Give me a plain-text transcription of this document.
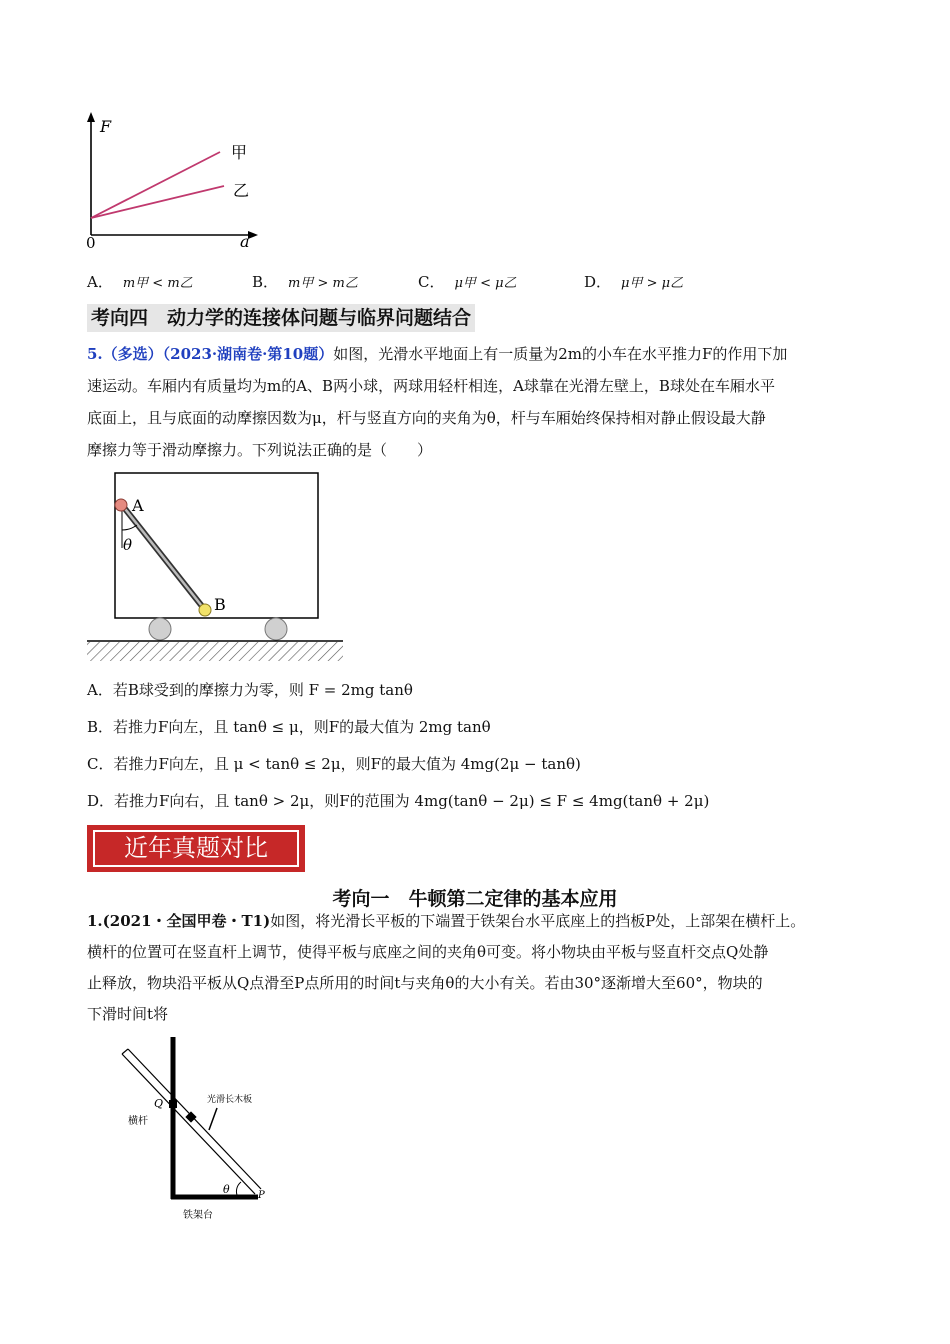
F
a
0
甲
乙
A． m甲 < m乙	B． m甲 > m乙	C． μ甲 < μ乙	D． μ甲 > μ乙
考向四　动力学的连接体问题与临界问题结合
5.（多选）（2023·湖南卷·第10题）如图，光滑水平地面上有一质量为2m的小车在水平推力F的作用下加
速运动。车厢内有质量均为m的A、B两小球，两球用轻杆相连，A球靠在光滑左壁上，B球处在车厢水平
底面上，且与底面的动摩擦因数为μ，杆与竖直方向的夹角为θ，杆与车厢始终保持相对静止假设最大静
摩擦力等于滑动摩擦力。下列说法正确的是（　　）
A
B
θ
A．若B球受到的摩擦力为零，则 F = 2mg tanθ
B．若推力F向左，且 tanθ ≤ μ，则F的最大值为 2mg tanθ
C．若推力F向左，且 μ < tanθ ≤ 2μ，则F的最大值为 4mg(2μ − tanθ)
D．若推力F向右，且 tanθ > 2μ，则F的范围为 4mg(tanθ − 2μ) ≤ F ≤ 4mg(tanθ + 2μ)
近年真题对比
考向一　牛顿第二定律的基本应用
1.(2021・全国甲卷・T1)如图，将光滑长平板的下端置于铁架台水平底座上的挡板P处，上部架在横杆上。
横杆的位置可在竖直杆上调节，使得平板与底座之间的夹角θ可变。将小物块由平板与竖直杆交点Q处静
止释放，物块沿平板从Q点滑至P点所用的时间t与夹角θ的大小有关。若由30°逐渐增大至60°，物块的
下滑时间t将
光滑长木板
横杆
铁架台
Q
P
θ
